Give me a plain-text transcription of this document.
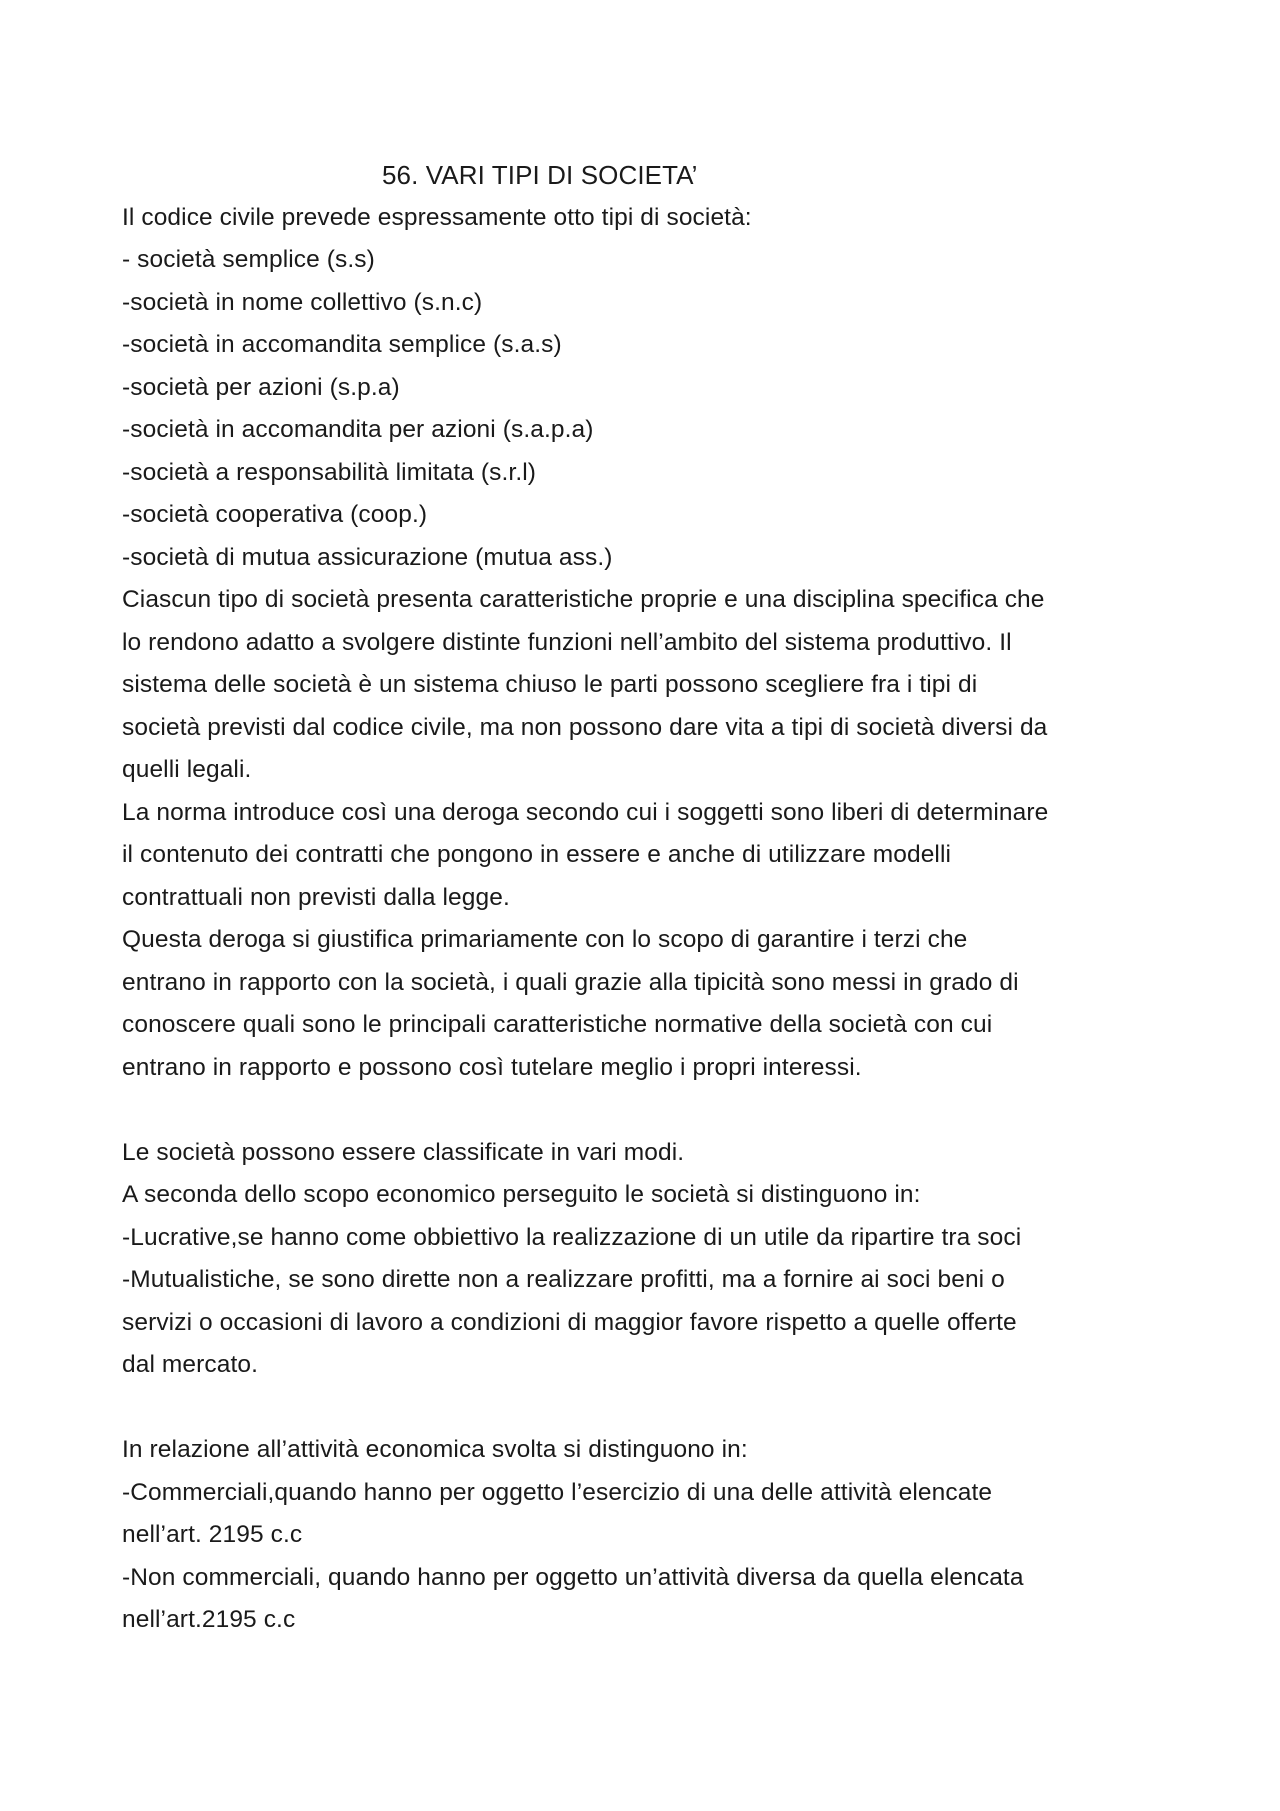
56. VARI TIPI DI SOCIETA’

Il codice civile prevede espressamente otto tipi di società:

- società semplice (s.s)

-società in nome collettivo (s.n.c)

-società in accomandita semplice (s.a.s)

-società per azioni (s.p.a)

-società in accomandita per azioni (s.a.p.a)

-società a responsabilità limitata (s.r.l)

-società cooperativa (coop.)

-società di mutua assicurazione (mutua ass.)

Ciascun tipo di società presenta caratteristiche proprie e una disciplina specifica che

lo rendono adatto a svolgere distinte funzioni nell’ambito del sistema produttivo. Il

sistema delle società è un sistema chiuso le parti possono scegliere fra i tipi di

società previsti dal codice civile, ma non possono dare vita a tipi di società diversi da

quelli legali.

La norma introduce così una deroga secondo cui i soggetti sono liberi di determinare

il contenuto dei contratti che pongono in essere e anche di utilizzare modelli

contrattuali non previsti dalla legge.

Questa deroga si giustifica primariamente con lo scopo di garantire i terzi che

entrano in rapporto con la società, i quali grazie alla tipicità sono messi in grado di

conoscere quali sono le principali caratteristiche normative della società con cui

entrano in rapporto e possono così tutelare meglio i propri interessi.

Le società possono essere classificate in vari modi.

A seconda dello scopo economico perseguito le società si distinguono in:

-Lucrative,se hanno come obbiettivo la realizzazione di un utile da ripartire tra soci

-Mutualistiche, se sono dirette non a realizzare profitti, ma a fornire ai soci beni o

servizi o occasioni di lavoro a condizioni di maggior favore rispetto a quelle offerte

dal mercato.

In relazione all’attività economica svolta si distinguono in:

-Commerciali,quando hanno per oggetto l’esercizio di una delle attività elencate

nell’art. 2195 c.c

-Non commerciali, quando hanno per oggetto un’attività diversa da quella elencata

nell’art.2195 c.c
